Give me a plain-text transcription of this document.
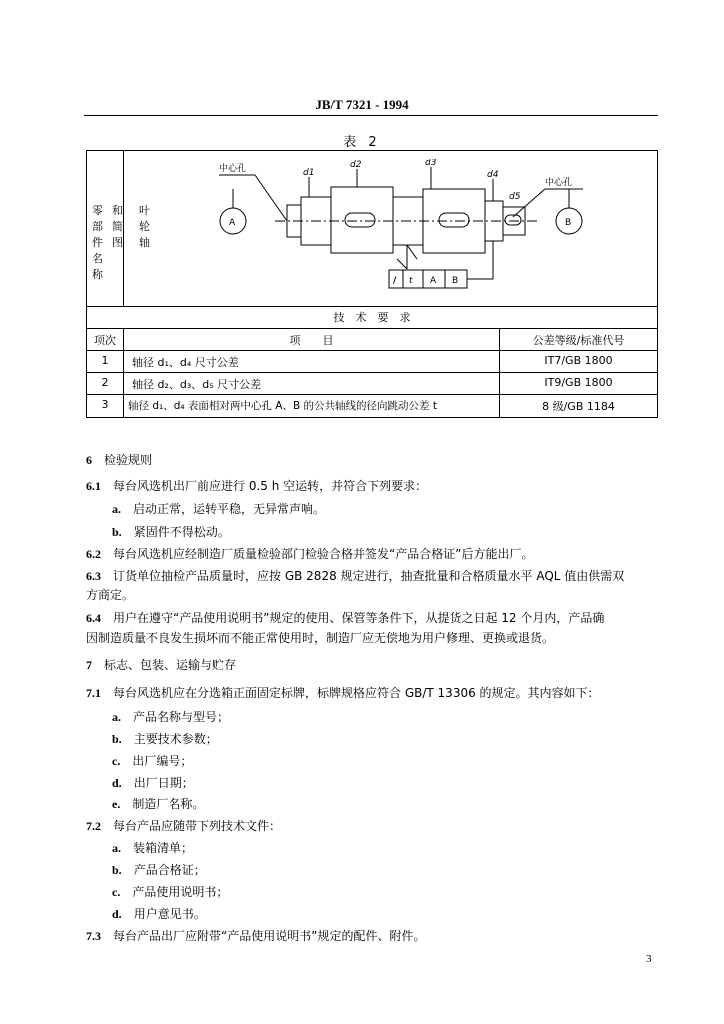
JB/T 7321 - 1994
表 2
零部件名称
和简图
叶轮轴
中心孔
中心孔
A	B
d1
d2	d3
d4
d5
/ t A B
技　术　要　求
项次	项　　目	公差等级/标准代号
1	轴径 d₁、d₄ 尺寸公差	IT7/GB 1800
2	轴径 d₂、d₃、d₅ 尺寸公差	IT9/GB 1800
3	轴径 d₁、d₄ 表面相对两中心孔 A、B 的公共轴线的径向跳动公差 t	8 级/GB 1184
6　 检验规则
6.1　 每台风选机出厂前应进行 0.5 h 空运转，并符合下列要求：
a.　 启动正常，运转平稳，无异常声响。
b.　 紧固件不得松动。
6.2　 每台风选机应经制造厂质量检验部门检验合格并签发“产品合格证”后方能出厂。
6.3　 订货单位抽检产品质量时，应按 GB 2828 规定进行，抽查批量和合格质量水平 AQL 值由供需双
方商定。
6.4　 用户在遵守“产品使用说明书”规定的使用、保管等条件下，从提货之日起 12 个月内，产品确
因制造质量不良发生损坏而不能正常使用时，制造厂应无偿地为用户修理、更换或退货。
7　 标志、包装、运输与贮存
7.1　 每台风选机应在分选箱正面固定标牌，标牌规格应符合 GB/T 13306 的规定。其内容如下：
a.　 产品名称与型号；
b.　 主要技术参数；
c.　 出厂编号；
d.　 出厂日期；
e.　 制造厂名称。
7.2　 每台产品应随带下列技术文件：
a.　 装箱清单；
b.　 产品合格证；
c.　 产品使用说明书；
d.　 用户意见书。
7.3　 每台产品出厂应附带“产品使用说明书”规定的配件、附件。
3
